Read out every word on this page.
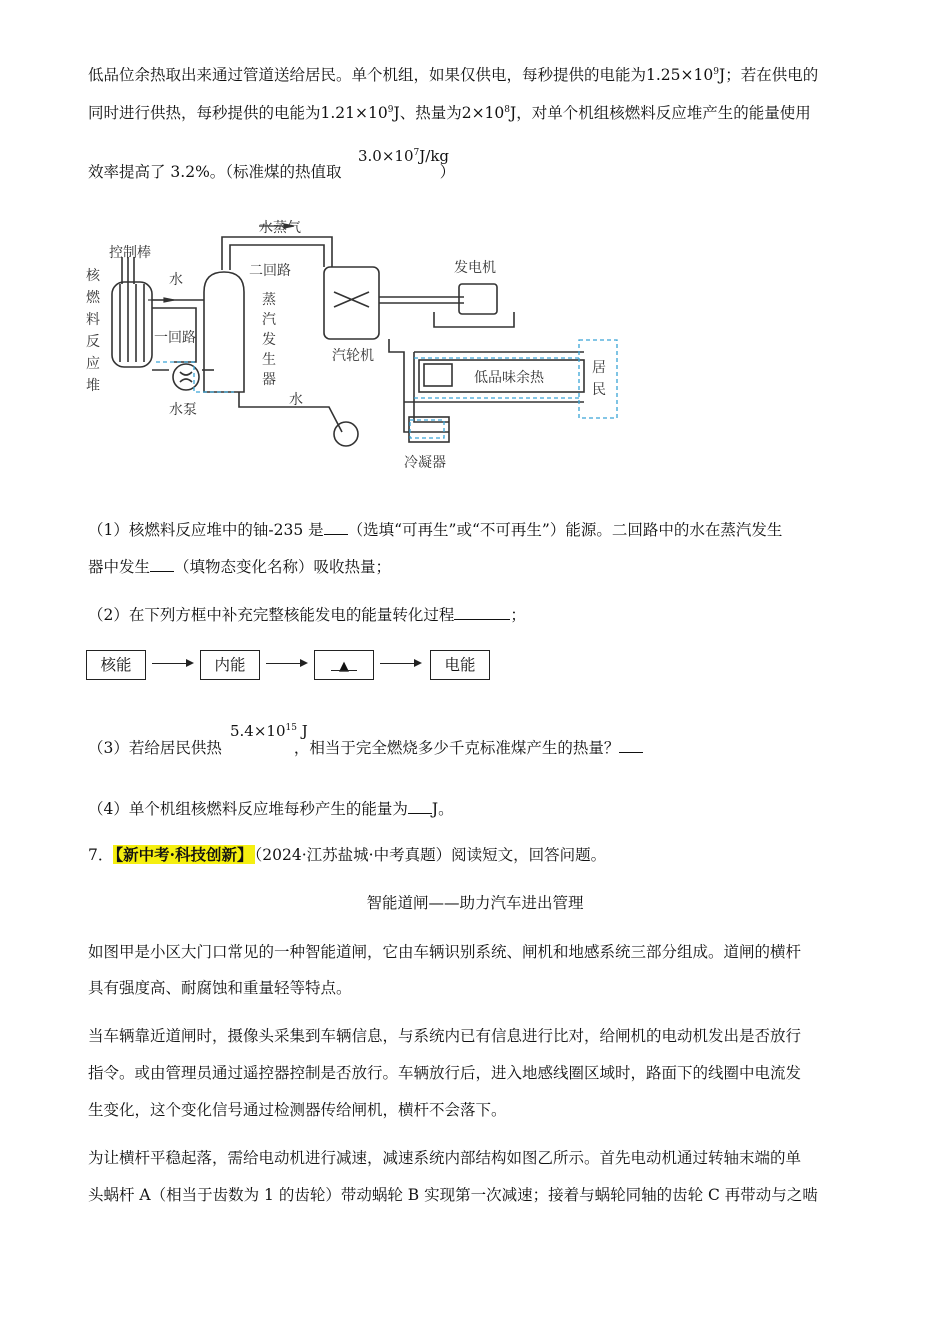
低品位余热取出来通过管道送给居民。单个机组，如果仅供电，每秒提供的电能为$1.25\times 10^9J$；若在供电的
同时进行供热，每秒提供的电能为$1.21\times 10^9J$、热量为$2\times 10^8J$，对单个机组核燃料反应堆产生的能量使用
效率提高了 3.2%。（标准煤的热值取	）
$3.0\times 10^7J/kg$
核
燃
料
反
应
堆
控制棒
水
水蒸气
二回路	发电机
蒸
汽
发
生
器
一回路
汽轮机
低品味余热
居
民
水泵
水
冷凝器
（1）核燃料反应堆中的铀-235 是 （选填“可再生”或“不可再生”）能源。二回路中的水在蒸汽发生
器中发生 （填物态变化名称）吸收热量；
（2）在下列方框中补充完整核能发电的能量转化过程	；
核能	内能	▲	电能
$5.4\times 10^{15}$ J
（3）若给居民供热	，相当于完全燃烧多少千克标准煤产生的热量？
（4）单个机组核燃料反应堆每秒产生的能量为 J。
7． 【新中考·科技创新】 （2024·江苏盐城·中考真题）阅读短文，回答问题。
智能道闸——助力汽车进出管理
如图甲是小区大门口常见的一种智能道闸，它由车辆识别系统、闸机和地感系统三部分组成。道闸的横杆
具有强度高、耐腐蚀和重量轻等特点。
当车辆靠近道闸时，摄像头采集到车辆信息，与系统内已有信息进行比对，给闸机的电动机发出是否放行
指令。或由管理员通过遥控器控制是否放行。车辆放行后，进入地感线圈区域时，路面下的线圈中电流发
生变化，这个变化信号通过检测器传给闸机，横杆不会落下。
为让横杆平稳起落，需给电动机进行减速，减速系统内部结构如图乙所示。首先电动机通过转轴末端的单
头蜗杆 A（相当于齿数为 1 的齿轮）带动蜗轮 B 实现第一次减速；接着与蜗轮同轴的齿轮 C 再带动与之啮
